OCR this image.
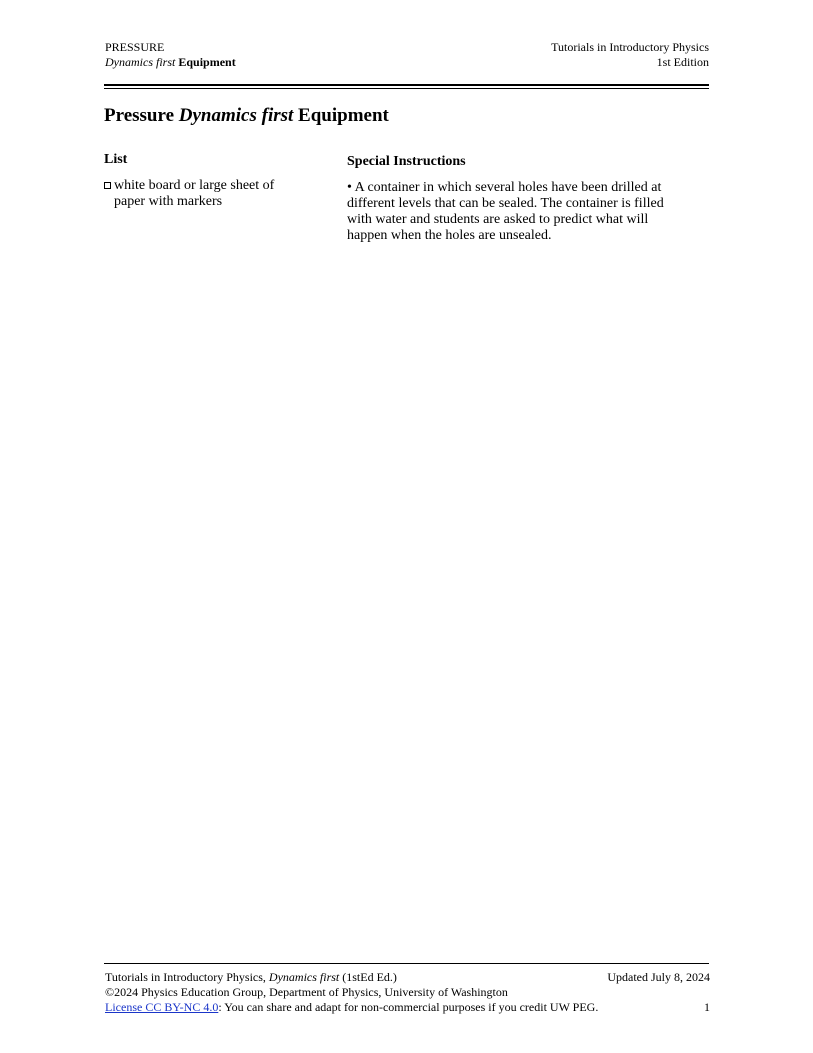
PRESSURE
Dynamics first Equipment
Tutorials in Introductory Physics
1st Edition
Pressure Dynamics first Equipment
List
white board or large sheet of paper with markers
Special Instructions
• A container in which several holes have been drilled at different levels that can be sealed. The container is filled with water and students are asked to predict what will happen when the holes are unsealed.
Tutorials in Introductory Physics, Dynamics first (1stEd Ed.)	Updated July 8, 2024
©2024 Physics Education Group, Department of Physics, University of Washington
License CC BY-NC 4.0: You can share and adapt for non-commercial purposes if you credit UW PEG.	1
